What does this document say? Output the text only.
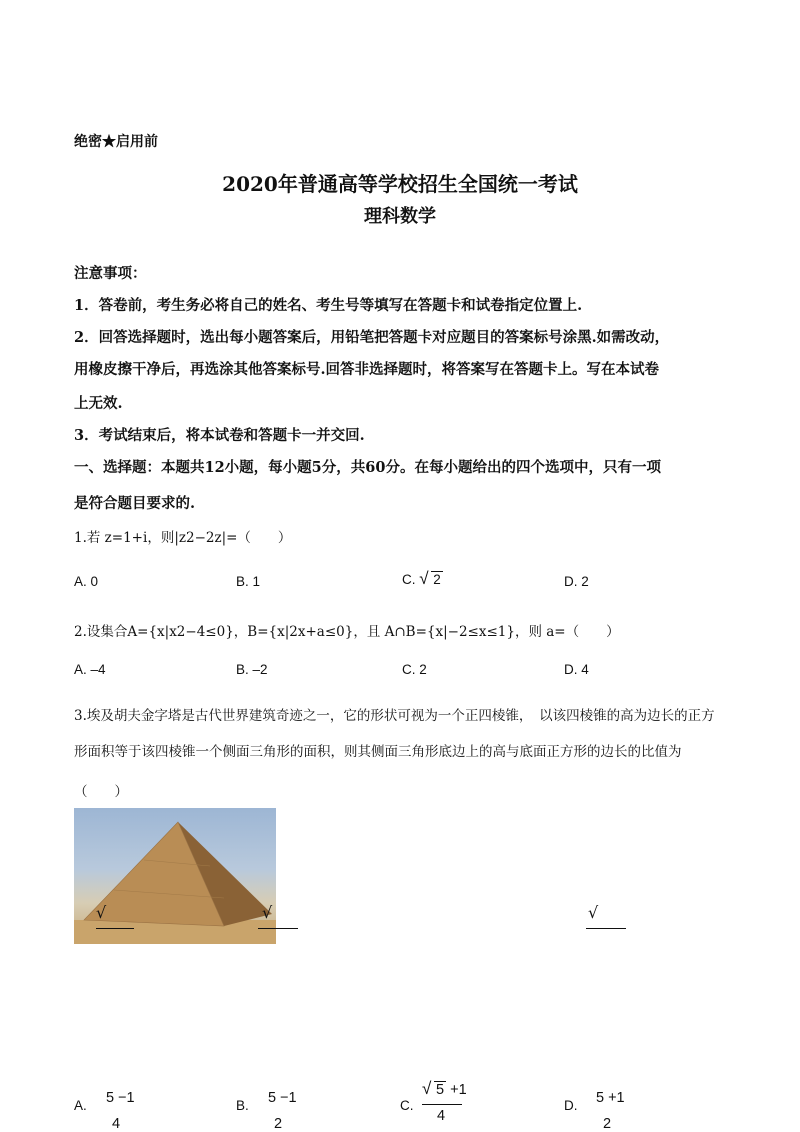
绝密★启用前
2020年普通高等学校招生全国统一考试
理科数学
注意事项：
1．答卷前，考生务必将自己的姓名、考生号等填写在答题卡和试卷指定位置上.
2．回答选择题时，选出每小题答案后，用铅笔把答题卡对应题目的答案标号涂黑.如需改动，
用橡皮擦干净后，再选涂其他答案标号.回答非选择题时，将答案写在答题卡上。写在本试卷
上无效.
3．考试结束后，将本试卷和答题卡一并交回.
一、选择题：本题共12小题，每小题5分，共60分。在每小题给出的四个选项中，只有一项
是符合题目要求的.
1.若 z=1+i，则|z2−2z|=（　　）
A. 0	B. 1	C. √ 2	D. 2
2.设集合A={x|x2−4≤0}，B={x|2x+a≤0}，且 A∩B={x|−2≤x≤1}，则 a=（　　）
A. –4	B. –2	C. 2	D. 4
3.埃及胡夫金字塔是古代世界建筑奇迹之一，它的形状可视为一个正四棱锥，　以该四棱锥的高为边长的正方
形面积等于该四棱锥一个侧面三角形的面积，则其侧面三角形底边上的高与底面正方形的边长的比值为
（　　）
√	√	√
A. 5 −1
4
B. 5 −1
2
C.
√ 5 +1
4
D. 5 +1
2
